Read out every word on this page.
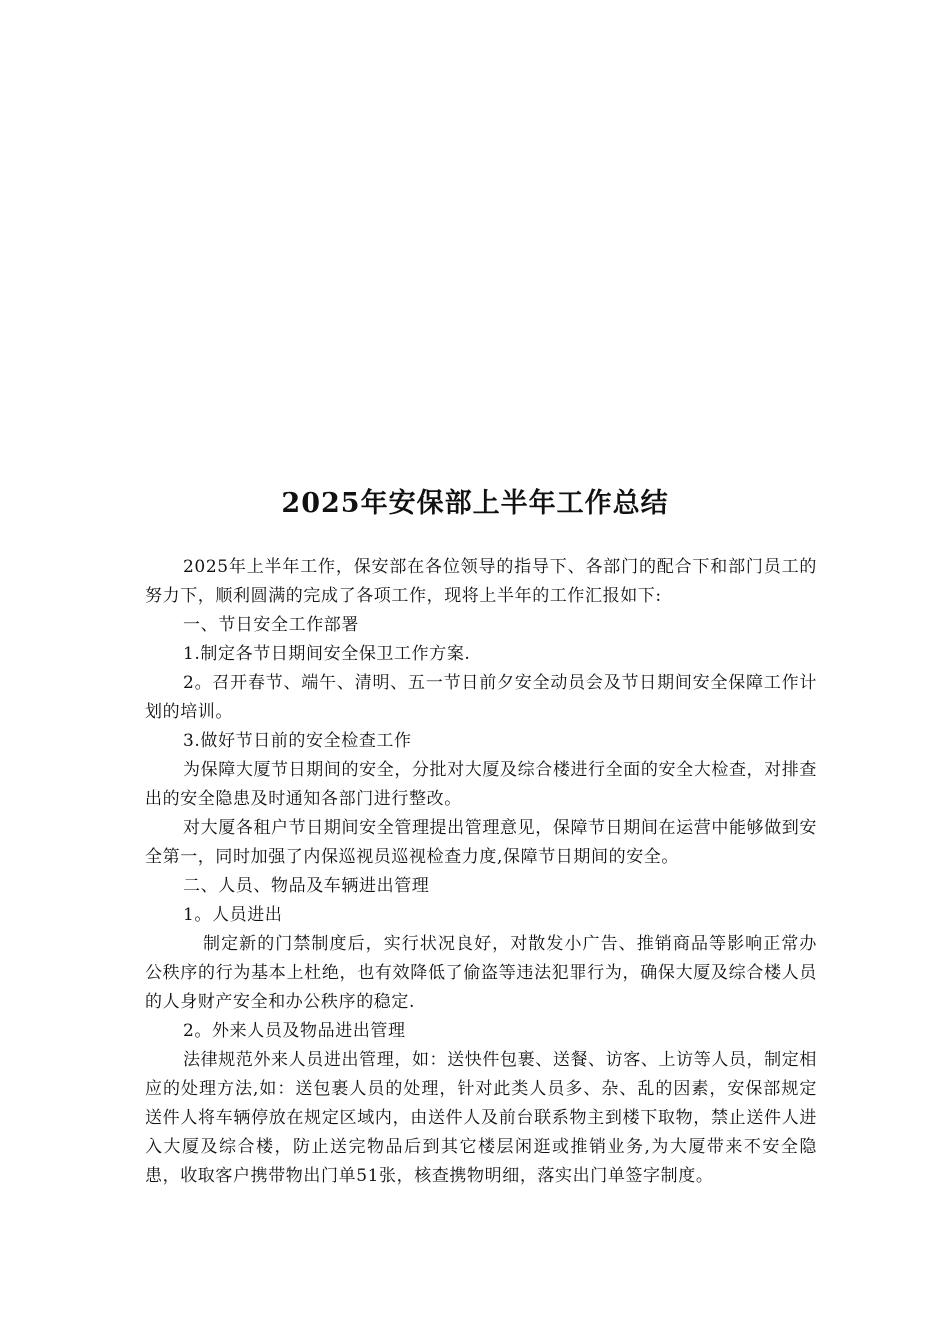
2025年安保部上半年工作总结

2025年上半年工作，保安部在各位领导的指导下、各部门的配合下和部门员工的努力下，顺利圆满的完成了各项工作，现将上半年的工作汇报如下:

一、节日安全工作部署

1.制定各节日期间安全保卫工作方案.

2。召开春节、端午、清明、五一节日前夕安全动员会及节日期间安全保障工作计划的培训。

3.做好节日前的安全检查工作

为保障大厦节日期间的安全，分批对大厦及综合楼进行全面的安全大检查，对排查出的安全隐患及时通知各部门进行整改。

对大厦各租户节日期间安全管理提出管理意见，保障节日期间在运营中能够做到安全第一，同时加强了内保巡视员巡视检查力度,保障节日期间的安全。

二、人员、物品及车辆进出管理

1。人员进出

制定新的门禁制度后，实行状况良好，对散发小广告、推销商品等影响正常办公秩序的行为基本上杜绝，也有效降低了偷盗等违法犯罪行为，确保大厦及综合楼人员的人身财产安全和办公秩序的稳定.

2。外来人员及物品进出管理

法律规范外来人员进出管理，如：送快件包裹、送餐、访客、上访等人员，制定相应的处理方法,如：送包裹人员的处理，针对此类人员多、杂、乱的因素，安保部规定送件人将车辆停放在规定区域内，由送件人及前台联系物主到楼下取物，禁止送件人进入大厦及综合楼，防止送完物品后到其它楼层闲逛或推销业务,为大厦带来不安全隐患，收取客户携带物出门单51张，核查携物明细，落实出门单签字制度。
